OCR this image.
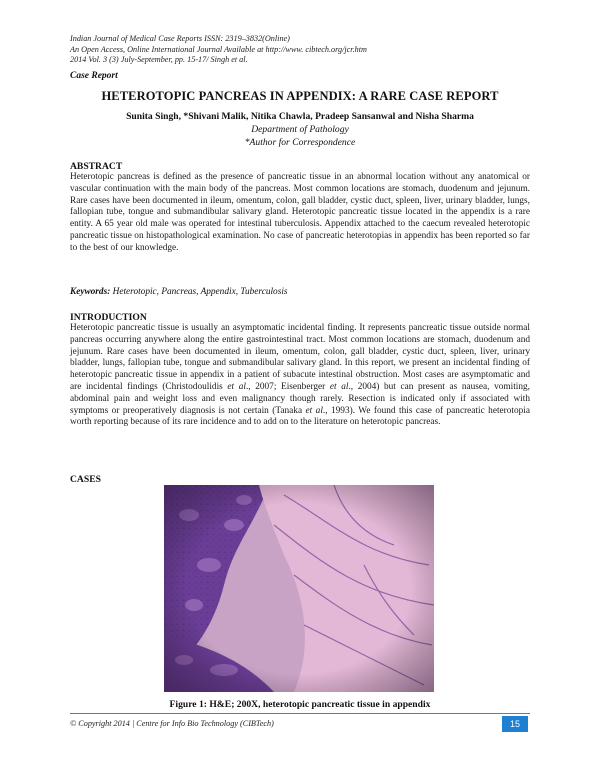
Indian Journal of Medical Case Reports ISSN: 2319–3832(Online)
An Open Access, Online International Journal Available at http://www. cibtech.org/jcr.htm
2014 Vol. 3 (3) July-September, pp. 15-17/ Singh et al.
Case Report
HETEROTOPIC PANCREAS IN APPENDIX: A RARE CASE REPORT
Sunita Singh, *Shivani Malik, Nitika Chawla, Pradeep Sansanwal and Nisha Sharma
Department of Pathology
*Author for Correspondence
ABSTRACT
Heterotopic pancreas is defined as the presence of pancreatic tissue in an abnormal location without any anatomical or vascular continuation with the main body of the pancreas. Most common locations are stomach, duodenum and jejunum. Rare cases have been documented in ileum, omentum, colon, gall bladder, cystic duct, spleen, liver, urinary bladder, lungs, fallopian tube, tongue and submandibular salivary gland. Heterotopic pancreatic tissue located in the appendix is a rare entity. A 65 year old male was operated for intestinal tuberculosis. Appendix attached to the caecum revealed heterotopic pancreatic tissue on histopathological examination. No case of pancreatic heterotopias in appendix has been reported so far to the best of our knowledge.
Keywords: Heterotopic, Pancreas, Appendix, Tuberculosis
INTRODUCTION
Heterotopic pancreatic tissue is usually an asymptomatic incidental finding. It represents pancreatic tissue outside normal pancreas occurring anywhere along the entire gastrointestinal tract. Most common locations are stomach, duodenum and jejunum. Rare cases have been documented in ileum, omentum, colon, gall bladder, cystic duct, spleen, liver, urinary bladder, lungs, fallopian tube, tongue and submandibular salivary gland. In this report, we present an incidental finding of heterotopic pancreatic tissue in appendix in a patient of subacute intestinal obstruction. Most cases are asymptomatic and are incidental findings (Christodoulidis et al., 2007; Eisenberger et al., 2004) but can present as nausea, vomiting, abdominal pain and weight loss and even malignancy though rarely. Resection is indicated only if associated with symptoms or preoperatively diagnosis is not certain (Tanaka et al., 1993). We found this case of pancreatic heterotopia worth reporting because of its rare incidence and to add on to the literature on heterotopic pancreas.
CASES
Figure 1: H&E; 200X, heterotopic pancreatic tissue in appendix
© Copyright 2014 | Centre for Info Bio Technology (CIBTech)	15
